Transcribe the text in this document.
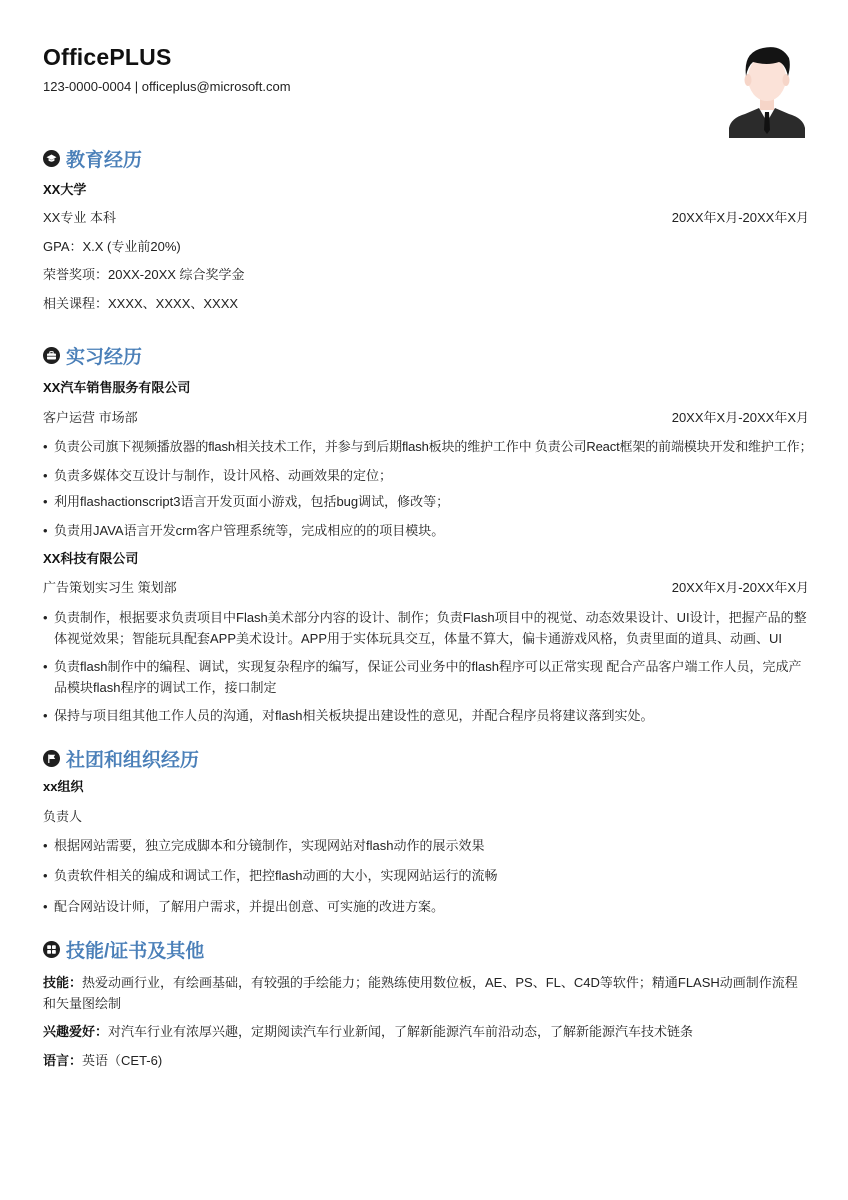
OfficePLUS
123-0000-0004 | officeplus@microsoft.com
教育经历
XX大学
XX专业 本科	20XX年X月-20XX年X月
GPA：X.X (专业前20%)
荣誉奖项：20XX-20XX 综合奖学金
相关课程：XXXX、XXXX、XXXX
实习经历
XX汽车销售服务有限公司
客户运营 市场部	20XX年X月-20XX年X月
• 负责公司旗下视频播放器的flash相关技术工作，并参与到后期flash板块的维护工作中 负责公司React框架的前端模块开发和维护工作；
• 负责多媒体交互设计与制作，设计风格、动画效果的定位；
• 利用flashactionscript3语言开发页面小游戏，包括bug调试，修改等；
• 负责用JAVA语言开发crm客户管理系统等，完成相应的的项目模块。
XX科技有限公司
广告策划实习生 策划部	20XX年X月-20XX年X月
• 负责制作，根据要求负责项目中Flash美术部分内容的设计、制作；负责Flash项目中的视觉、动态效果设计、UI设计，把握产品的整体视觉效果；智能玩具配套APP美术设计。APP用于实体玩具交互，体量不算大，偏卡通游戏风格，负责里面的道具、动画、UI
• 负责flash制作中的编程、调试，实现复杂程序的编写，保证公司业务中的flash程序可以正常实现 配合产品客户端工作人员，完成产品模块flash程序的调试工作，接口制定
• 保持与项目组其他工作人员的沟通，对flash相关板块提出建设性的意见，并配合程序员将建议落到实处。
社团和组织经历
xx组织
负责人
• 根据网站需要，独立完成脚本和分镜制作，实现网站对flash动作的展示效果
• 负责软件相关的编成和调试工作，把控flash动画的大小，实现网站运行的流畅
• 配合网站设计师，了解用户需求，并提出创意、可实施的改进方案。
技能/证书及其他
技能：热爱动画行业，有绘画基础，有较强的手绘能力；能熟练使用数位板，AE、PS、FL、C4D等软件；精通FLASH动画制作流程和矢量图绘制
兴趣爱好：对汽车行业有浓厚兴趣，定期阅读汽车行业新闻，了解新能源汽车前沿动态，了解新能源汽车技术链条
语言：英语（CET-6)
